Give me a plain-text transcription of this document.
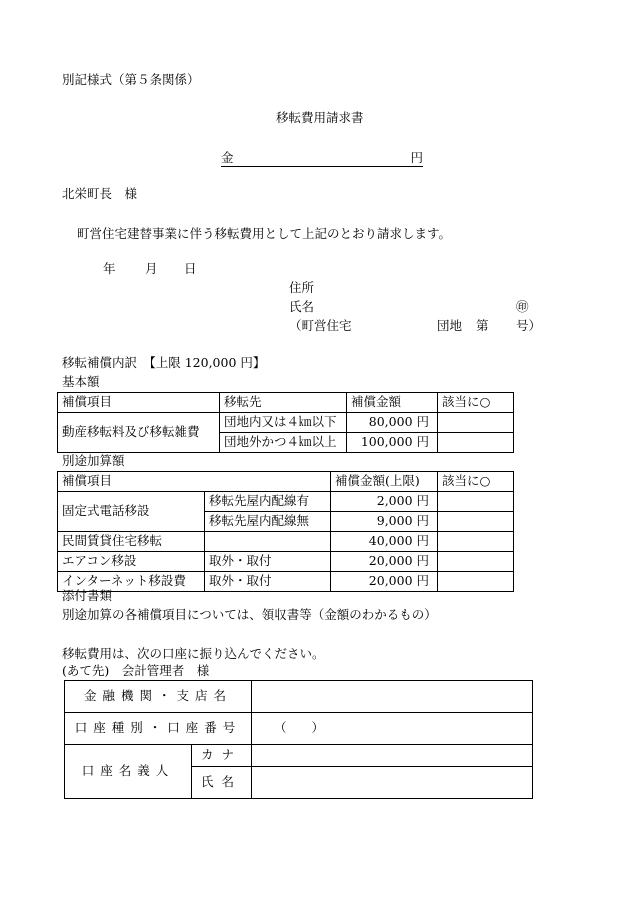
別記様式（第５条関係）
移転費用請求書
金	円
北栄町長　様
町営住宅建替事業に伴う移転費用として上記のとおり請求します。
年 月 日
住所
氏名	㊞
（町営住宅	団地 第 号）
移転補償内訳　【上限 120,000 円】
基本額
補償項目	移転先	補償金額	該当に○
動産移転料及び移転雑費	団地内又は４㎞以下	80,000 円	
	団地外かつ４㎞以上	100,000 円	
別途加算額
補償項目		補償金額(上限)	該当に○
固定式電話移設	移転先屋内配線有	2,000 円	
	移転先屋内配線無	9,000 円	
民間賃貸住宅移転		40,000 円	
エアコン移設	取外・取付	20,000 円	
インターネット移設費	取外・取付	20,000 円	
添付書類
別途加算の各補償項目については、領収書等（金額のわかるもの）
移転費用は、次の口座に振り込んでください。
(あて先)　会計管理者　様
金融機関・支店名		
口座種別・口座番号		（　　）
口座名義人	カナ	
	氏名	
